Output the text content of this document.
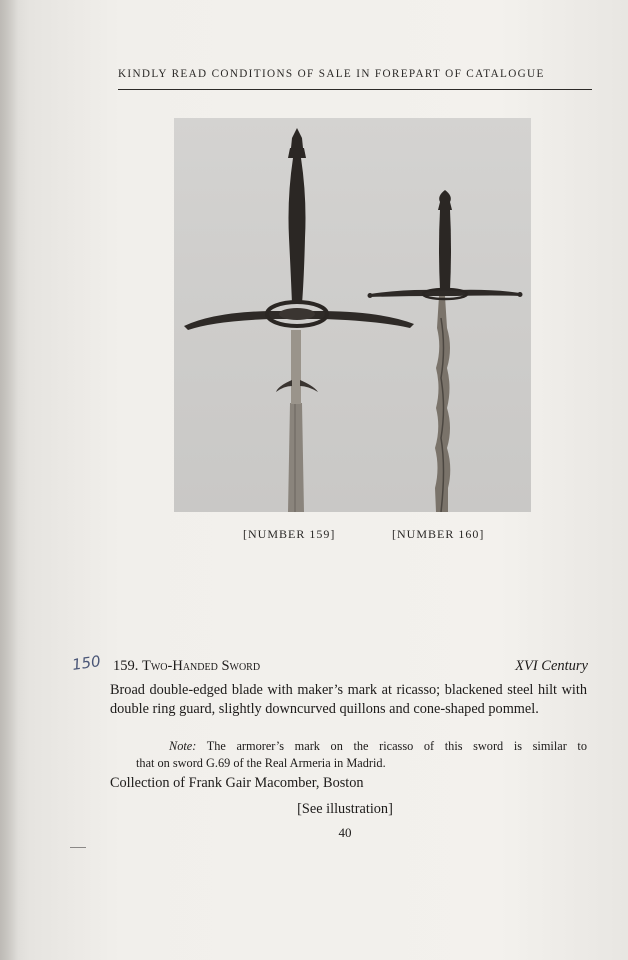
KINDLY READ CONDITIONS OF SALE IN FOREPART OF CATALOGUE
[NUMBER 159]	[NUMBER 160]
150 159. Two-Handed Sword	XVI Century
Broad double-edged blade with maker’s mark at ricasso; blackened steel hilt with double ring guard, slightly downcurved quillons and cone-shaped pommel.
Note: The armorer’s mark on the ricasso of this sword is similar to
that on sword G.69 of the Real Armeria in Madrid.
Collection of Frank Gair Macomber, Boston
[See illustration]
40
